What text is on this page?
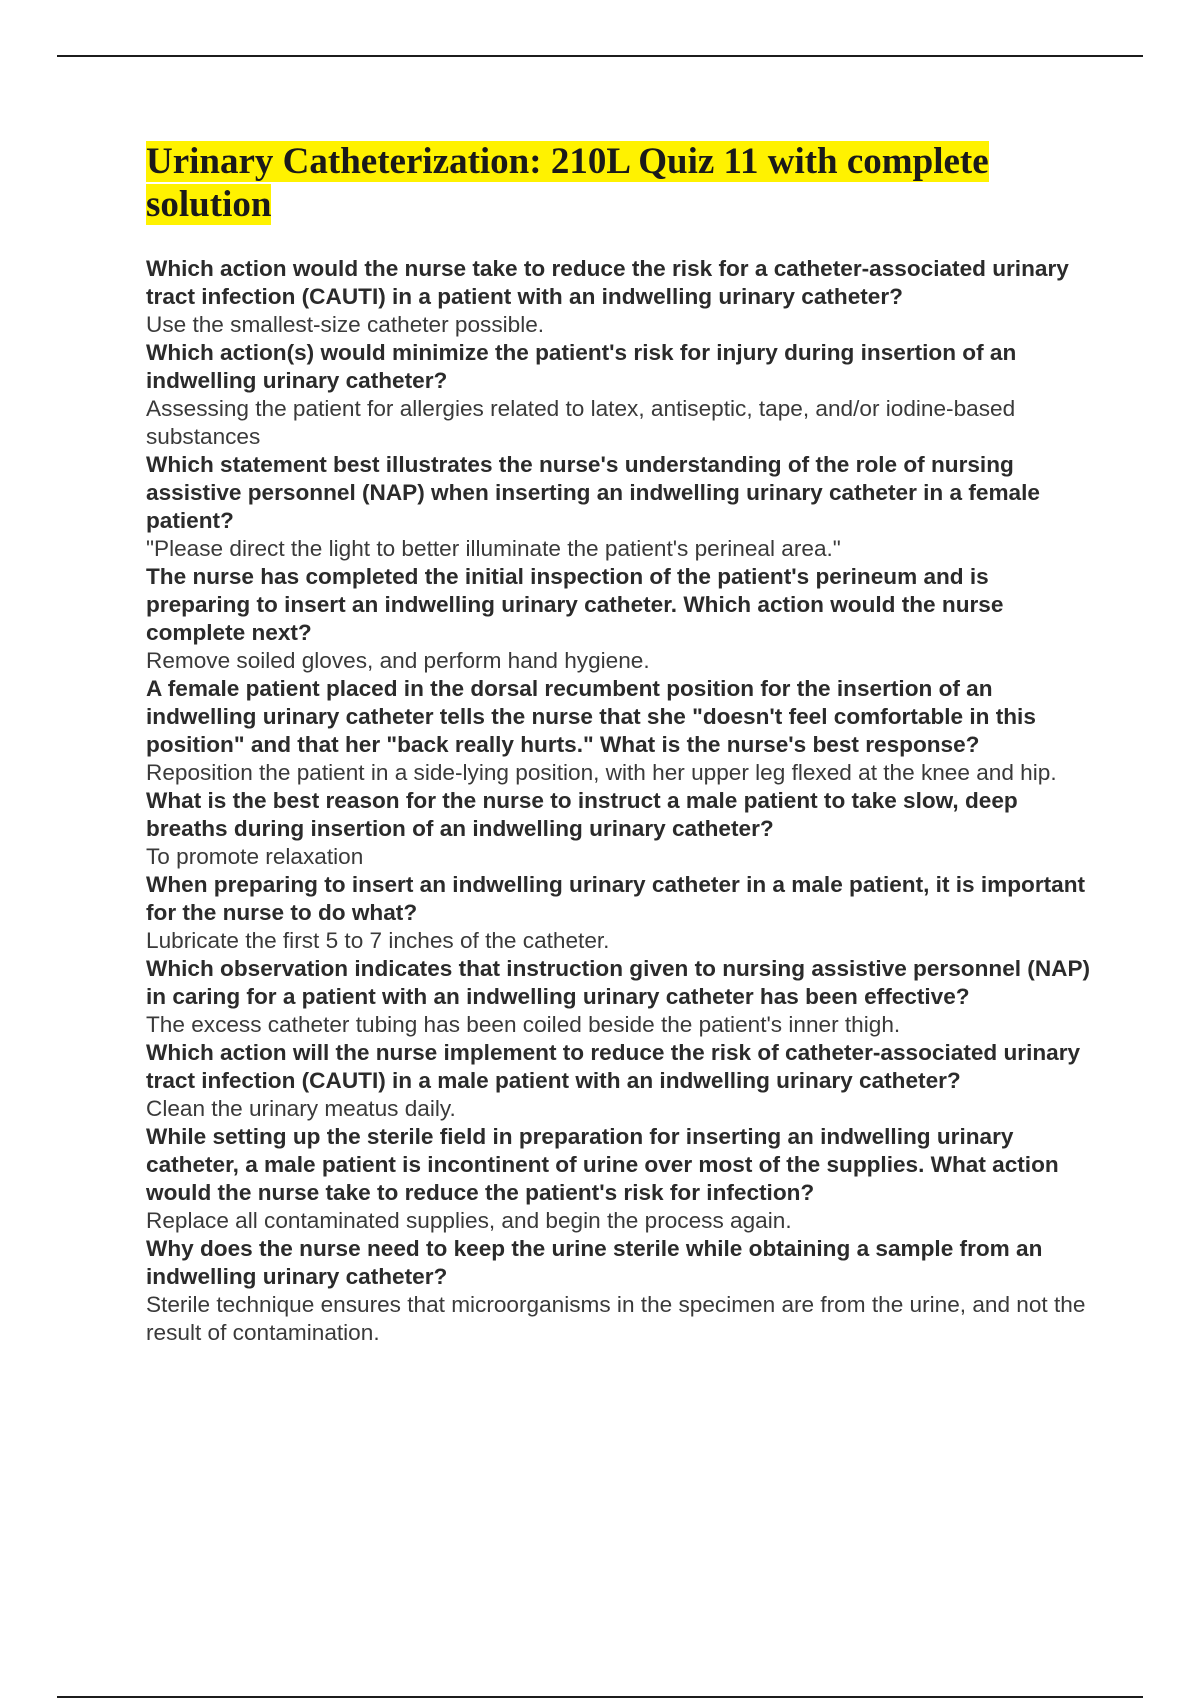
Urinary Catheterization: 210L Quiz 11 with complete solution

Which action would the nurse take to reduce the risk for a catheter-associated urinary tract infection (CAUTI) in a patient with an indwelling urinary catheter?

Use the smallest-size catheter possible.

Which action(s) would minimize the patient's risk for injury during insertion of an indwelling urinary catheter?

Assessing the patient for allergies related to latex, antiseptic, tape, and/or iodine-based substances

Which statement best illustrates the nurse's understanding of the role of nursing assistive personnel (NAP) when inserting an indwelling urinary catheter in a female patient?

"Please direct the light to better illuminate the patient's perineal area."

The nurse has completed the initial inspection of the patient's perineum and is preparing to insert an indwelling urinary catheter. Which action would the nurse complete next?

Remove soiled gloves, and perform hand hygiene.

A female patient placed in the dorsal recumbent position for the insertion of an indwelling urinary catheter tells the nurse that she "doesn't feel comfortable in this position" and that her "back really hurts." What is the nurse's best response?

Reposition the patient in a side-lying position, with her upper leg flexed at the knee and hip.

What is the best reason for the nurse to instruct a male patient to take slow, deep breaths during insertion of an indwelling urinary catheter?

To promote relaxation

When preparing to insert an indwelling urinary catheter in a male patient, it is important for the nurse to do what?

Lubricate the first 5 to 7 inches of the catheter.

Which observation indicates that instruction given to nursing assistive personnel (NAP) in caring for a patient with an indwelling urinary catheter has been effective?

The excess catheter tubing has been coiled beside the patient's inner thigh.

Which action will the nurse implement to reduce the risk of catheter-associated urinary tract infection (CAUTI) in a male patient with an indwelling urinary catheter?

Clean the urinary meatus daily.

While setting up the sterile field in preparation for inserting an indwelling urinary catheter, a male patient is incontinent of urine over most of the supplies. What action would the nurse take to reduce the patient's risk for infection?

Replace all contaminated supplies, and begin the process again.

Why does the nurse need to keep the urine sterile while obtaining a sample from an indwelling urinary catheter?

Sterile technique ensures that microorganisms in the specimen are from the urine, and not the result of contamination.
